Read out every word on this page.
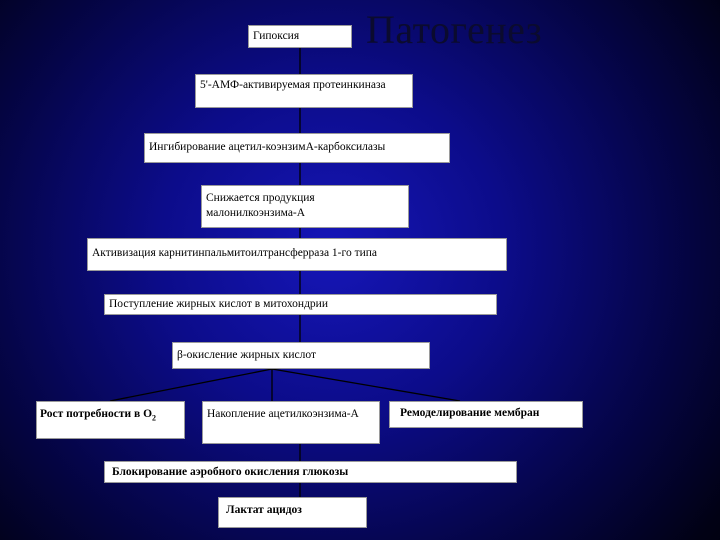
Патогенез
Гипоксия
5'-АМФ-активируемая протеинкиназа
Ингибирование ацетил-коэнзимА-карбоксилазы
Снижается продукция малонилкоэнзима-А
Активизация карнитинпальмитоилтрансферраза 1-го типа
Поступление жирных кислот в митохондрии
β-окисление жирных кислот
Рост потребности в $О_2$	Накопление ацетилкоэнзима-А	Ремоделирование мембран
Блокирование аэробного окисления глюкозы
Лактат ацидоз
